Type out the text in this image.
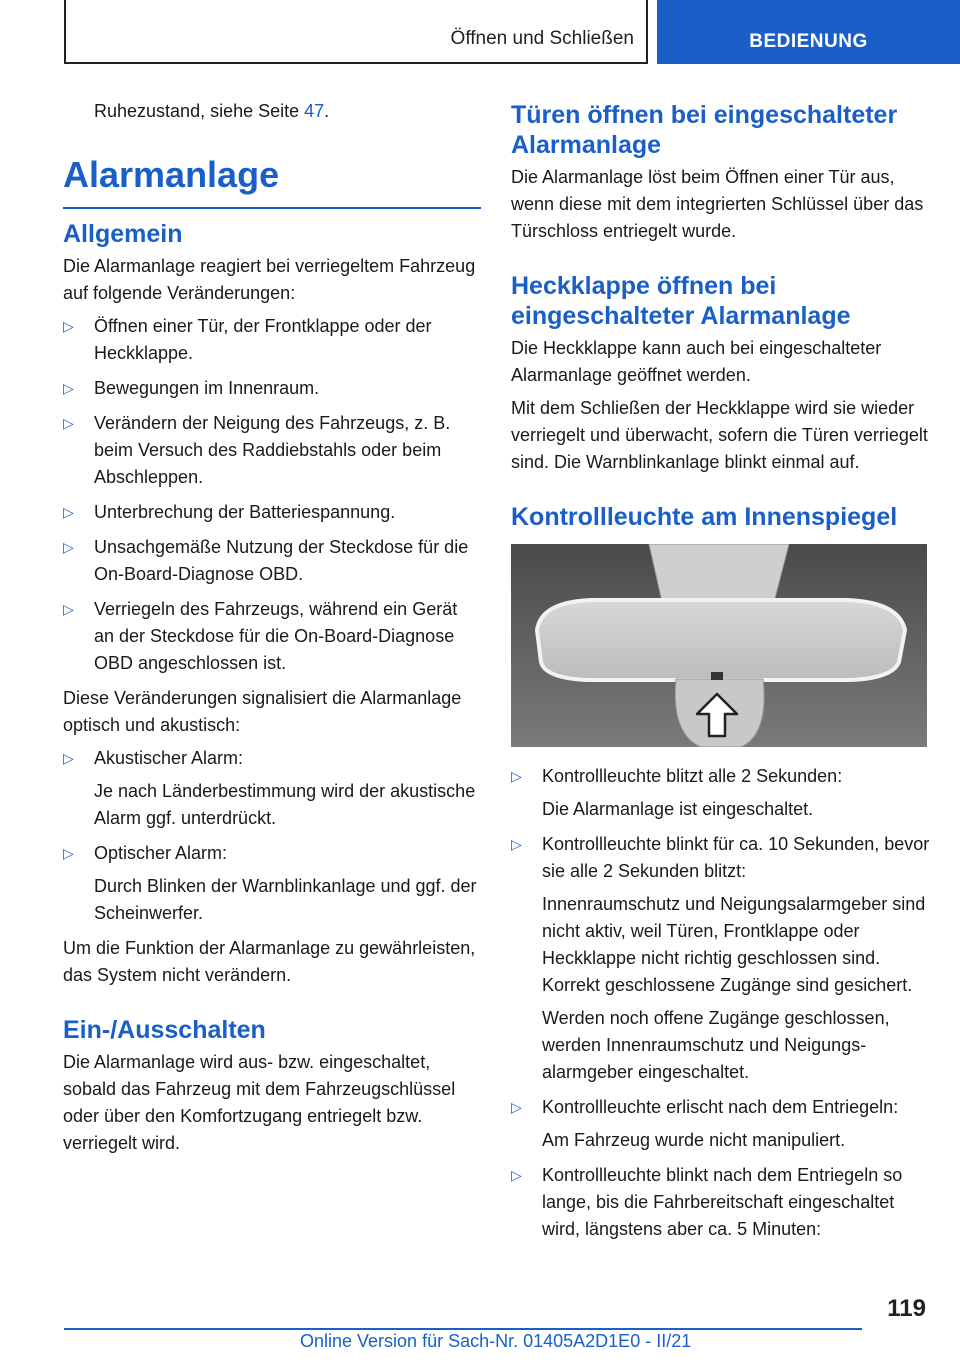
Öffnen und Schließen	BEDIENUNG

Ruhezustand, siehe Seite 47.

Alarmanlage
Allgemein

Die Alarmanlage reagiert bei verriegeltem Fahrzeug auf folgende Veränderungen:

▷ Öffnen einer Tür, der Frontklappe oder der Heckklappe.
▷ Bewegungen im Innenraum.
▷ Verändern der Neigung des Fahrzeugs, z. B. beim Versuch des Raddiebstahls oder beim Abschleppen.
▷ Unterbrechung der Batteriespannung.
▷ Unsachgemäße Nutzung der Steckdose für die On-Board-Diagnose OBD.
▷ Verriegeln des Fahrzeugs, während ein Gerät an der Steckdose für die On-Board-Diagnose OBD angeschlossen ist.

Diese Veränderungen signalisiert die Alarmanlage optisch und akustisch:

▷ Akustischer Alarm:
Je nach Länderbestimmung wird der akustische Alarm ggf. unterdrückt.
▷ Optischer Alarm:
Durch Blinken der Warnblinkanlage und ggf. der Scheinwerfer.

Um die Funktion der Alarmanlage zu gewährleisten, das System nicht verändern.

Ein-/Ausschalten

Die Alarmanlage wird aus- bzw. eingeschaltet, sobald das Fahrzeug mit dem Fahrzeugschlüssel oder über den Komfortzugang entriegelt bzw. verriegelt wird.

Türen öffnen bei eingeschalteter Alarmanlage

Die Alarmanlage löst beim Öffnen einer Tür aus, wenn diese mit dem integrierten Schlüssel über das Türschloss entriegelt wurde.

Heckklappe öffnen bei eingeschalteter Alarmanlage

Die Heckklappe kann auch bei eingeschalteter Alarmanlage geöffnet werden.

Mit dem Schließen der Heckklappe wird sie wieder verriegelt und überwacht, sofern die Türen verriegelt sind. Die Warnblinkanlage blinkt einmal auf.

Kontrollleuchte am Innenspiegel
▷ Kontrollleuchte blitzt alle 2 Sekunden:
Die Alarmanlage ist eingeschaltet.
▷ Kontrollleuchte blinkt für ca. 10 Sekunden, bevor sie alle 2 Sekunden blitzt:
Innenraumschutz und Neigungsalarmgeber sind nicht aktiv, weil Türen, Frontklappe oder Heckklappe nicht richtig geschlossen sind. Korrekt geschlossene Zugänge sind gesichert.
Werden noch offene Zugänge geschlossen, werden Innenraumschutz und Neigungsalarmgeber eingeschaltet.
▷ Kontrollleuchte erlischt nach dem Entriegeln:
Am Fahrzeug wurde nicht manipuliert.
▷ Kontrollleuchte blinkt nach dem Entriegeln so lange, bis die Fahrbereitschaft eingeschaltet wird, längstens aber ca. 5 Minuten:
119
Online Version für Sach-Nr. 01405A2D1E0 - II/21
